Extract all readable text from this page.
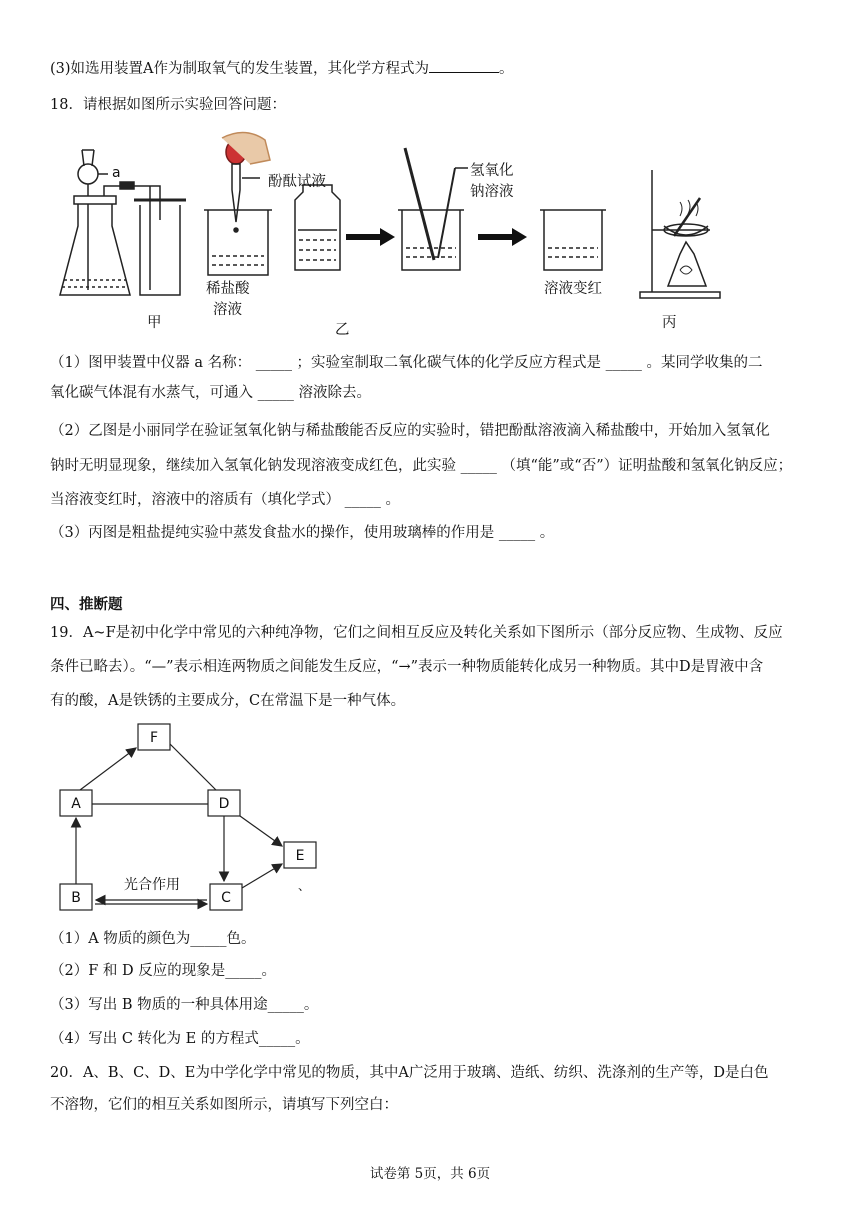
(3)如选用装置A作为制取氧气的发生装置，其化学方程式为	。
18．请根据如图所示实验回答问题：
a
酚酞试液
氢氧化
钠溶液
稀盐酸
溶液
溶液变红
甲	乙	丙
（1）图甲装置中仪器 a 名称： _____ ；实验室制取二氧化碳气体的化学反应方程式是 _____ 。某同学收集的二
氧化碳气体混有水蒸气，可通入 _____ 溶液除去。
（2）乙图是小丽同学在验证氢氧化钠与稀盐酸能否反应的实验时，错把酚酞溶液滴入稀盐酸中，开始加入氢氧化
钠时无明显现象，继续加入氢氧化钠发现溶液变成红色，此实验 _____ （填“能”或“否”）证明盐酸和氢氧化钠反应；
当溶液变红时，溶液中的溶质有（填化学式） _____ 。
（3）丙图是粗盐提纯实验中蒸发食盐水的操作，使用玻璃棒的作用是 _____ 。
四、推断题
19．A~F是初中化学中常见的六种纯净物，它们之间相互反应及转化关系如下图所示（部分反应物、生成物、反应
条件已略去）。“—”表示相连两物质之间能发生反应，“→”表示一种物质能转化成另一种物质。其中D是胃液中含
有的酸，A是铁锈的主要成分，C在常温下是一种气体。
F
A	D
E
B	C
光合作用	、
（1）A 物质的颜色为_____色。
（2）F 和 D 反应的现象是_____。
（3）写出 B 物质的一种具体用途_____。
（4）写出 C 转化为 E 的方程式_____。
20．A、B、C、D、E为中学化学中常见的物质，其中A广泛用于玻璃、造纸、纺织、洗涤剂的生产等，D是白色
不溶物，它们的相互关系如图所示，请填写下列空白：
试卷第 5页，共 6页
